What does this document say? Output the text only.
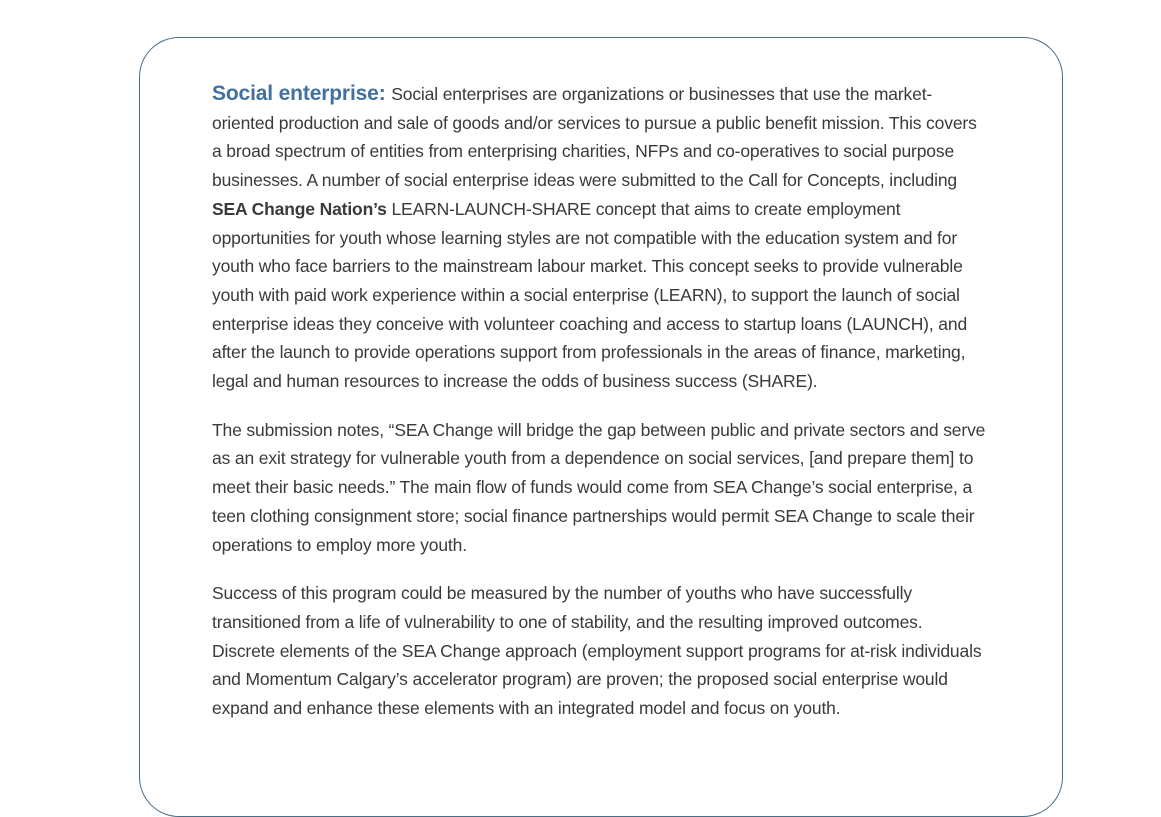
Social enterprise: Social enterprises are organizations or businesses that use the market-oriented production and sale of goods and/or services to pursue a public benefit mission. This covers a broad spectrum of entities from enterprising charities, NFPs and co-operatives to social purpose businesses. A number of social enterprise ideas were submitted to the Call for Concepts, including SEA Change Nation’s LEARN-LAUNCH-SHARE concept that aims to create employment opportunities for youth whose learning styles are not compatible with the education system and for youth who face barriers to the mainstream labour market. This concept seeks to provide vulnerable youth with paid work experience within a social enterprise (LEARN), to support the launch of social enterprise ideas they conceive with volunteer coaching and access to startup loans (LAUNCH), and after the launch to provide operations support from professionals in the areas of finance, marketing, legal and human resources to increase the odds of business success (SHARE).

The submission notes, “SEA Change will bridge the gap between public and private sectors and serve as an exit strategy for vulnerable youth from a dependence on social services, [and prepare them] to meet their basic needs.” The main flow of funds would come from SEA Change’s social enterprise, a teen clothing consignment store; social finance partnerships would permit SEA Change to scale their operations to employ more youth.

Success of this program could be measured by the number of youths who have successfully transitioned from a life of vulnerability to one of stability, and the resulting improved outcomes. Discrete elements of the SEA Change approach (employment support programs for at-risk individuals and Momentum Calgary’s accelerator program) are proven; the proposed social enterprise would expand and enhance these elements with an integrated model and focus on youth.
